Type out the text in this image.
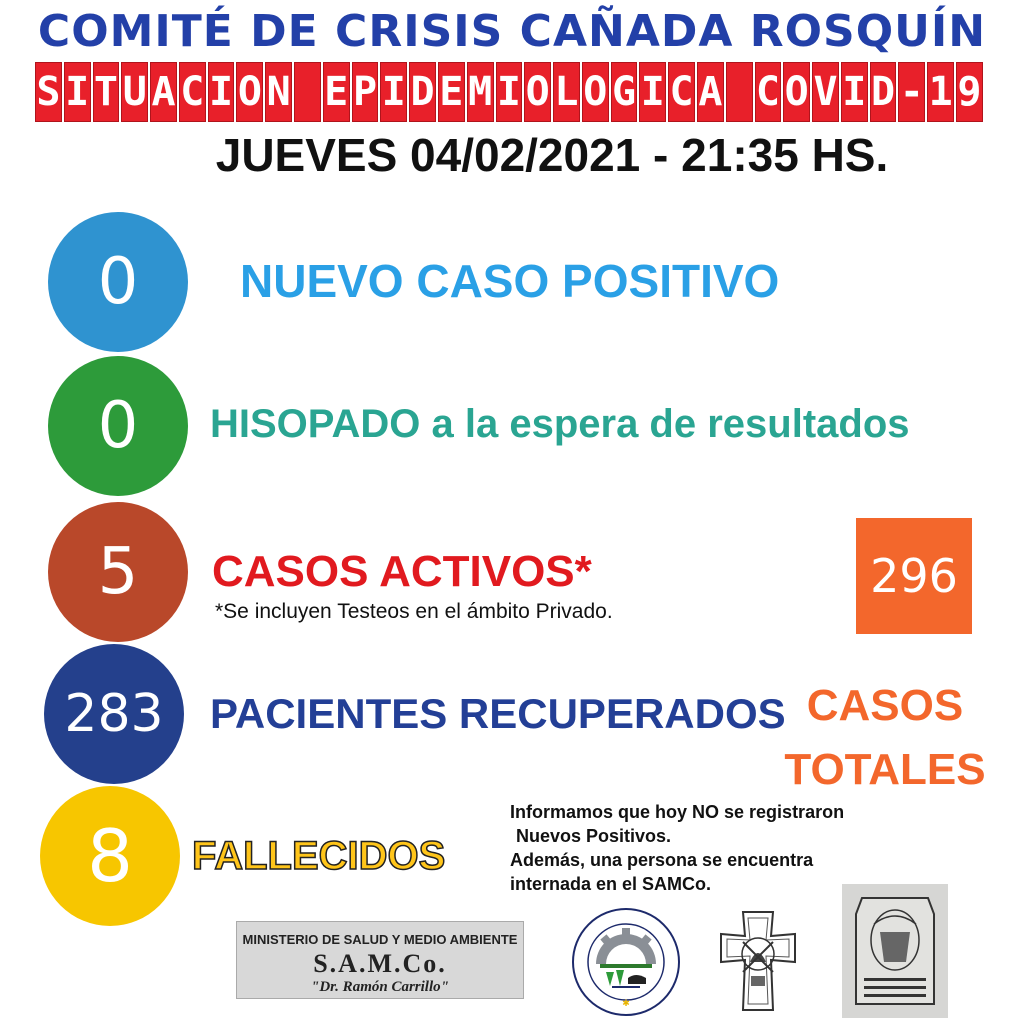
COMITÉ DE CRISIS CAÑADA ROSQUÍN
S I T U A C I O N
E P I D E M I O L O G I C A
C O V I D - 1 9
JUEVES 04/02/2021 - 21:35 HS.
0	NUEVO CASO POSITIVO
0	HISOPADO a la espera de resultados
5	CASOS ACTIVOS*
*Se incluyen Testeos en el ámbito Privado.
283	PACIENTES RECUPERADOS
8	FALLECIDOS
296
CASOS
TOTALES
Informamos que hoy NO se registraron
Nuevos Positivos.
Además, una persona se encuentra
internada en el SAMCo.
MINISTERIO DE SALUD Y MEDIO AMBIENTE
S.A.M.Co.
"Dr. Ramón Carrillo"
✱
